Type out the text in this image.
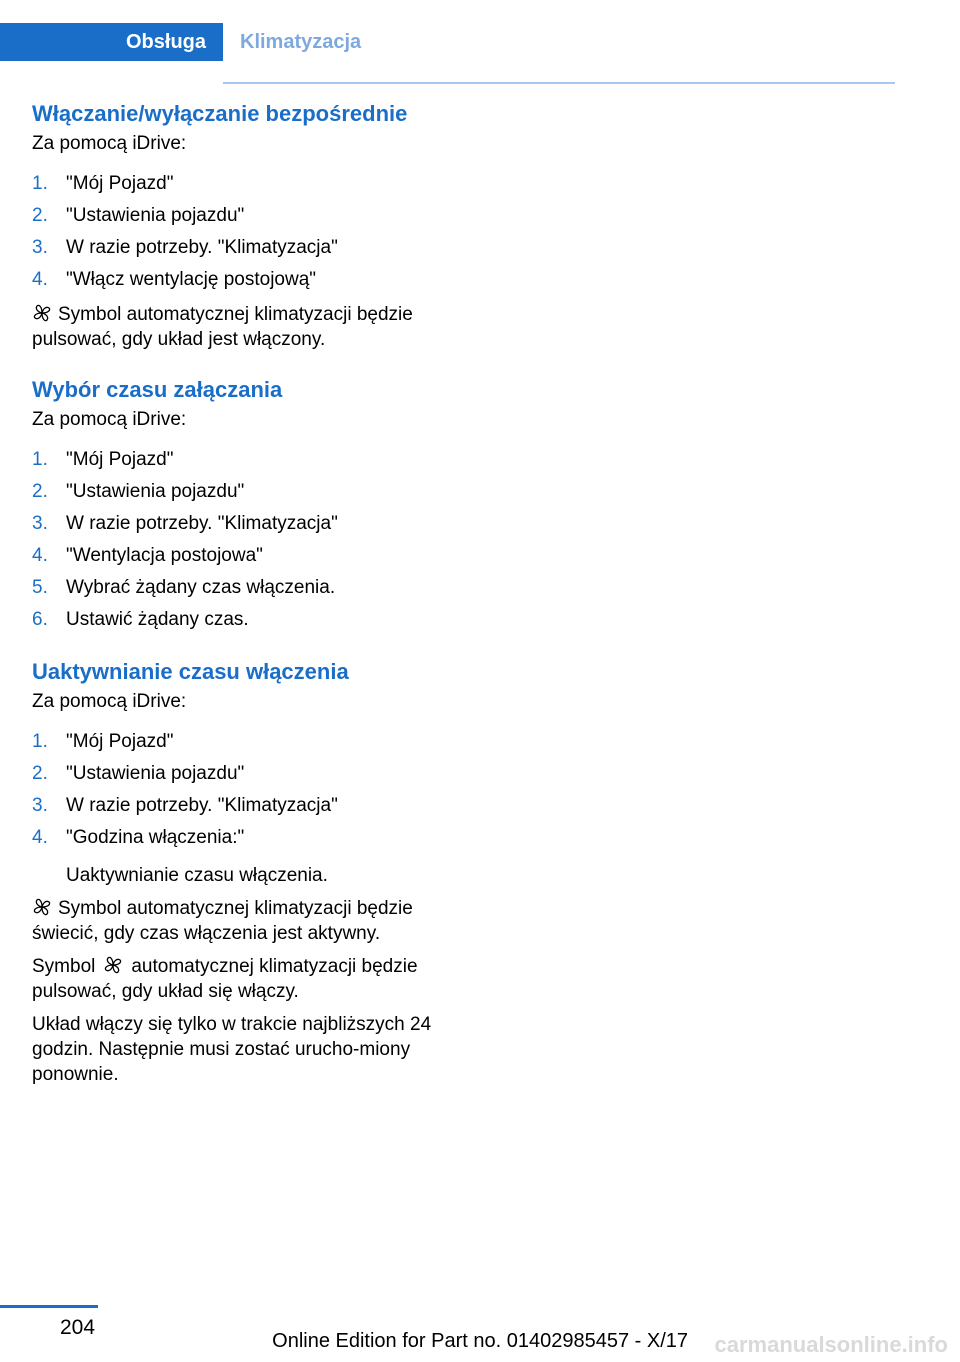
Obsługa	Klimatyzacja
Włączanie/wyłączanie bezpośrednie
Za pomocą iDrive:
1. "Mój Pojazd"
2. "Ustawienia pojazdu"
3. W razie potrzeby. "Klimatyzacja"
4. "Włącz wentylację postojową"

Symbol automatycznej klimatyzacji będzie pulsować, gdy układ jest włączony.

Wybór czasu załączania
Za pomocą iDrive:
1. "Mój Pojazd"
2. "Ustawienia pojazdu"
3. W razie potrzeby. "Klimatyzacja"
4. "Wentylacja postojowa"
5. Wybrać żądany czas włączenia.
6. Ustawić żądany czas.
Uaktywnianie czasu włączenia
Za pomocą iDrive:
1. "Mój Pojazd"
2. "Ustawienia pojazdu"
3. W razie potrzeby. "Klimatyzacja"
4. "Godzina włączenia:"
Uaktywnianie czasu włączenia.

Symbol automatycznej klimatyzacji będzie świecić, gdy czas włączenia jest aktywny.

Symbol automatycznej klimatyzacji będzie pulsować, gdy układ się włączy.

Układ włączy się tylko w trakcie najbliższych 24 godzin. Następnie musi zostać urucho-miony ponownie.

204
Online Edition for Part no. 01402985457 - X/17 carmanualsonline.info
